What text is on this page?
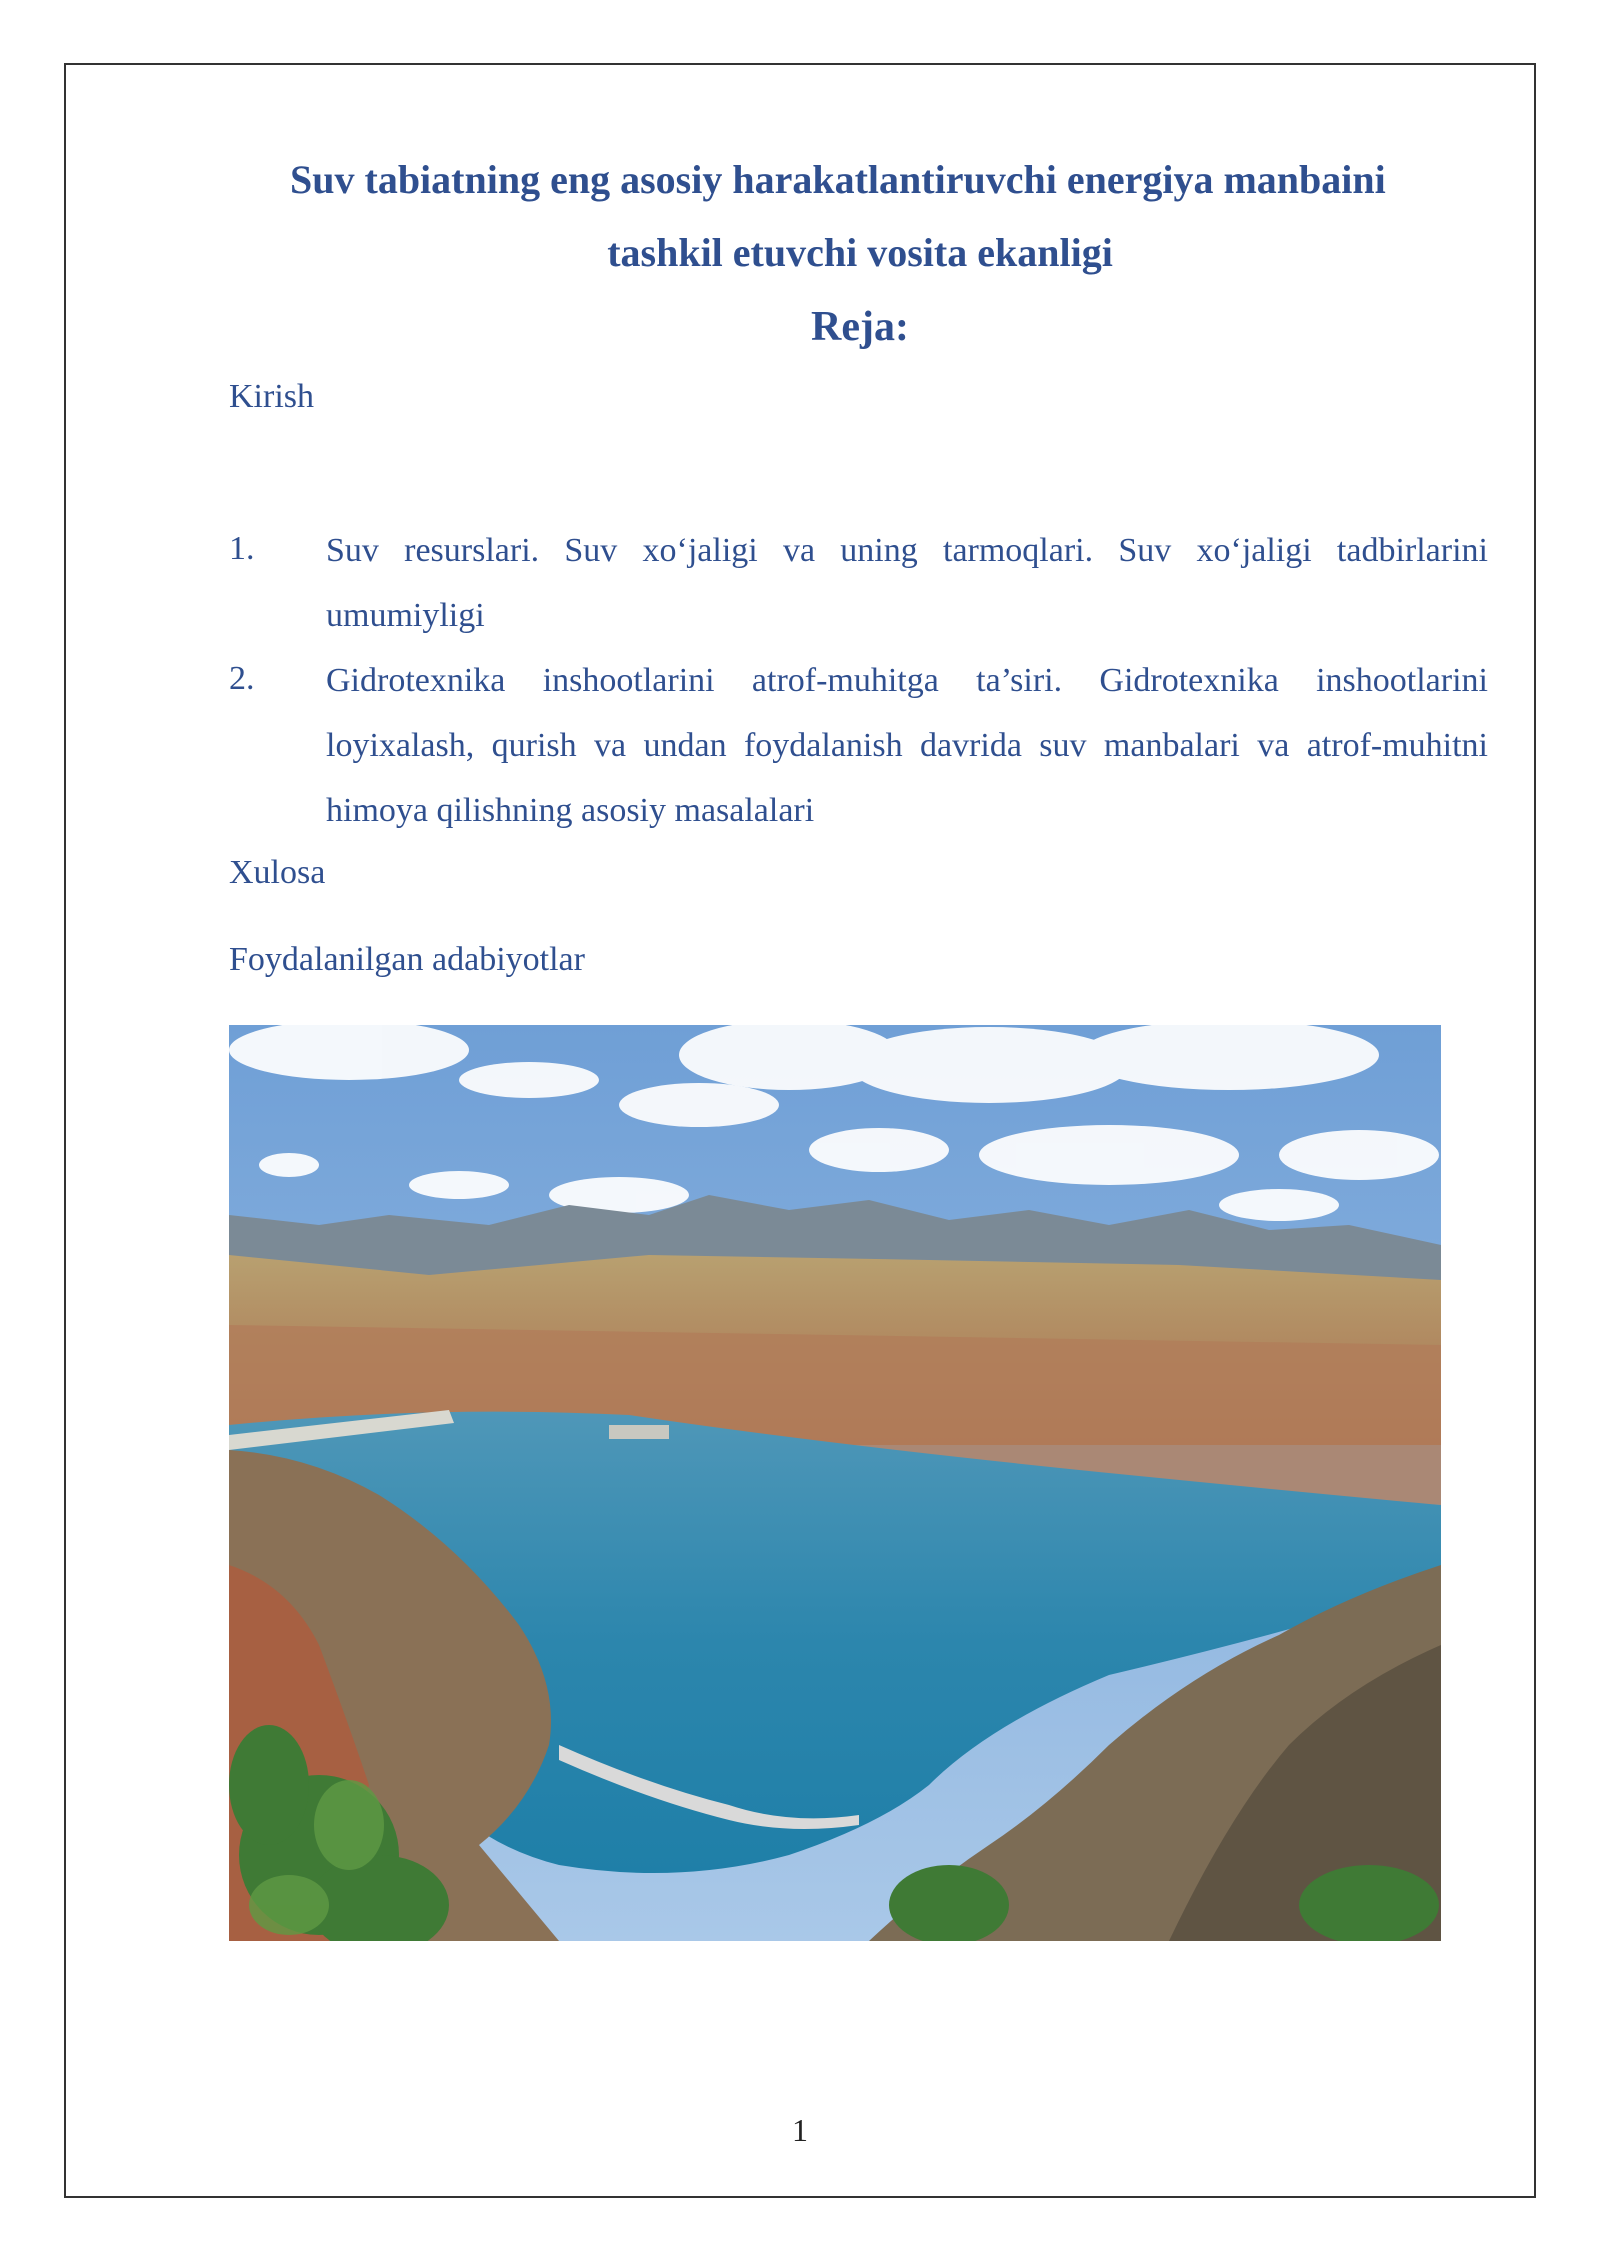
Suv tabiatning eng asosiy harakatlantiruvchi energiya manbaini
tashkil etuvchi vosita ekanligi
Reja:
Kirish
1. Suv resurslari. Suv xo‘jaligi va uning tarmoqlari. Suv xo‘jaligi tadbirlarini umumiyligi
2. Gidrotexnika inshootlarini atrof-muhitga ta’siri. Gidrotexnika inshootlarini loyixalash, qurish va undan foydalanish davrida suv manbalari va atrof-muhitni himoya qilishning asosiy masalalari
Xulosa
Foydalanilgan adabiyotlar
1
